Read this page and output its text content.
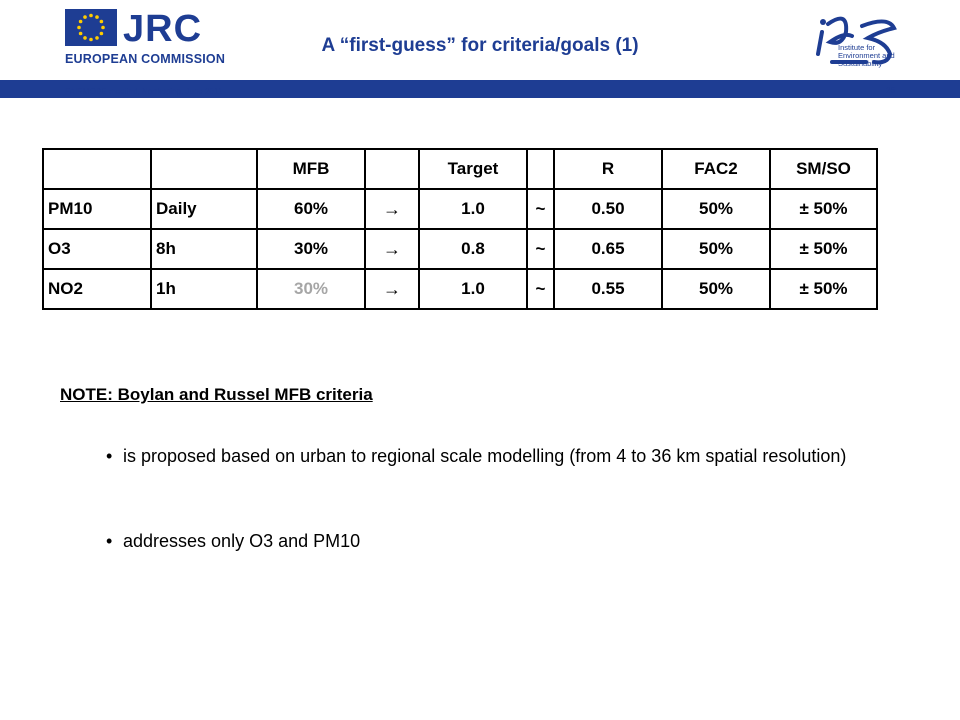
JRC
EUROPEAN COMMISSION
A “first-guess” for criteria/goals (1)	Institute for Environment and Sustainability
FAIRMODE meetind, Norrkoping, June 2011	26
		MFB		Target		R	FAC2	SM/SO
PM10	Daily	60%	→	1.0	~	0.50	50%	± 50%
O3	8h	30%	→	0.8	~	0.65	50%	± 50%
NO2	1h	30%	→	1.0	~	0.55	50%	± 50%
NOTE: Boylan and Russel MFB criteria
• is proposed based on urban to regional scale modelling (from 4 to 36 km spatial resolution)
• addresses only O3 and PM10
